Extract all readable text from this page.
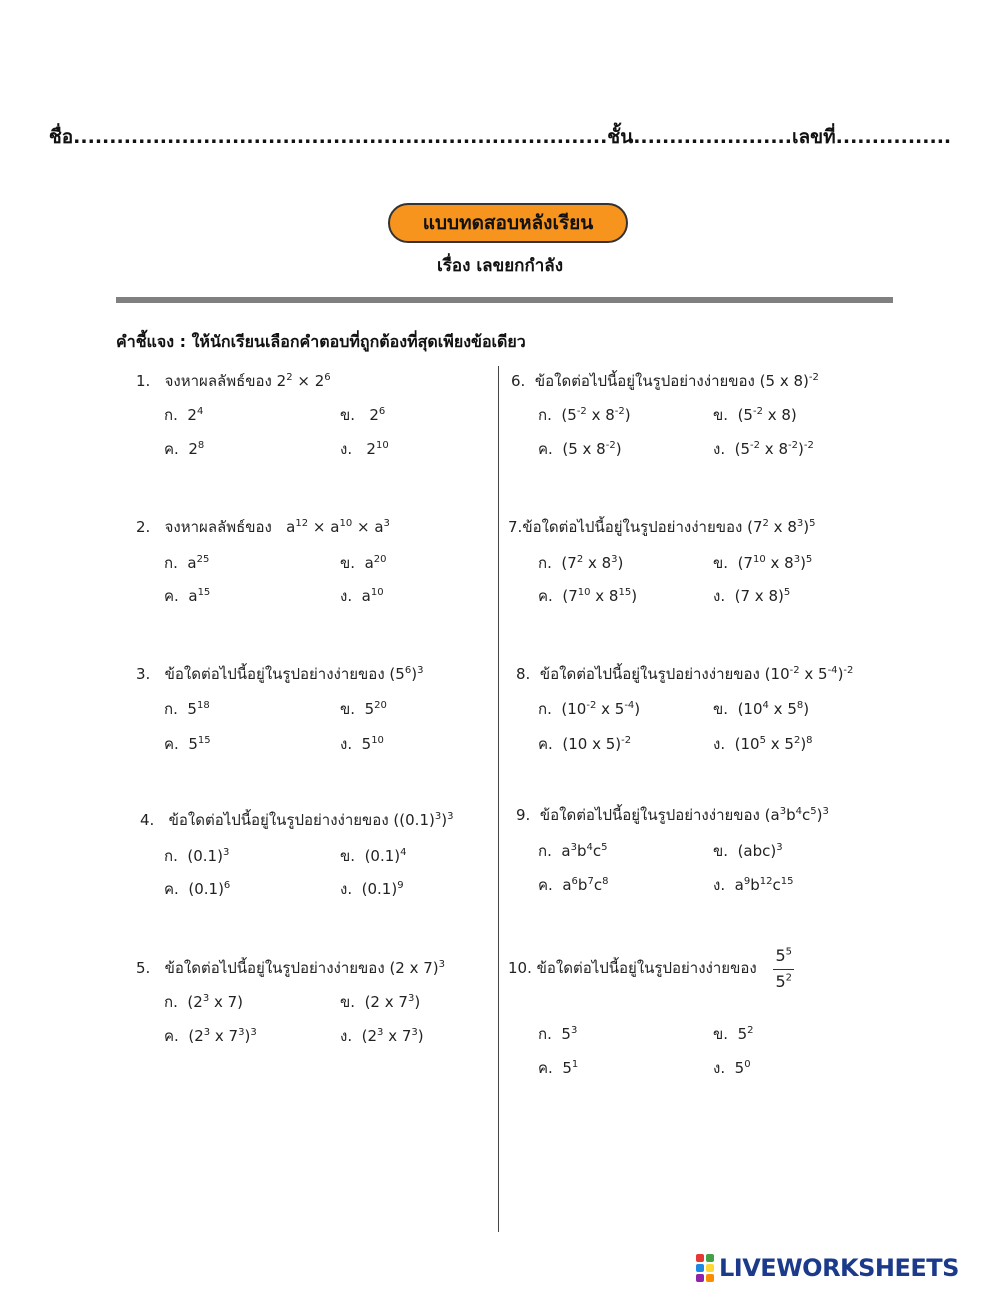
ชื่อ..........................................................................ชั้น......................เลขที่................
แบบทดสอบหลังเรียน
เรื่อง เลขยกกำลัง
คำชี้แจง : ให้นักเรียนเลือกคำตอบที่ถูกต้องที่สุดเพียงข้อเดียว
1. จงหาผลลัพธ์ของ $2^2 \times 2^6$
ก. $2^4$	ข. $2^6$
ค. $2^8$	ง. $2^{10}$
2. จงหาผลลัพธ์ของ $a^{12} \times a^{10} \times a^3$
ก. $a^{25}$	ข. $a^{20}$
ค. $a^{15}$	ง. $a^{10}$
3. ข้อใดต่อไปนี้อยู่ในรูปอย่างง่ายของ $(5^6)^3$
ก. $5^{18}$	ข. $5^{20}$
ค. $5^{15}$	ง. $5^{10}$
4. ข้อใดต่อไปนี้อยู่ในรูปอย่างง่ายของ $((0.1)^3)^3$
ก.  $(0.1)^3$	ข.  $(0.1)^4$
ค.  $(0.1)^6$	ง.  $(0.1)^9$
5. ข้อใดต่อไปนี้อยู่ในรูปอย่างง่ายของ (2 x 7)$^3$
ก. ($2^3$ x 7)	ข. (2 x $7^3$)
ค. ($2^3$ x $7^3)^3$	ง. ($2^3$ x $7^3$)
6. ข้อใดต่อไปนี้อยู่ในรูปอย่างง่ายของ (5 x 8)$^{-2}$
ก. ($5^{-2}$ x $8^{-2}$)	ข. ($5^{-2}$ x 8)
ค. (5 x $8^{-2}$)	ง. ($5^{-2}$ x $8^{-2})^{-2}$
7.ข้อใดต่อไปนี้อยู่ในรูปอย่างง่ายของ ($7^2$ x $8^3)^5$
ก. ($7^2$ x $8^3$)	ข. ($7^{10}$ x $8^3)^5$
ค. ($7^{10}$ x $8^{15}$)	ง. (7 x 8)$^5$
8. ข้อใดต่อไปนี้อยู่ในรูปอย่างง่ายของ ($10^{-2}$ x $5^{-4})^{-2}$
ก. ($10^{-2}$ x $5^{-4}$)	ข. ($10^4$ x $5^8$)
ค. (10 x 5)$^{-2}$	ง. ($10^5$ x $5^2)^8$
9. ข้อใดต่อไปนี้อยู่ในรูปอย่างง่ายของ $(a^3b^4c^5)^3$
ก.  $a^3b^4c^5$	ข. (abc)$^3$
ค.  $a^6b^7c^8$	ง.  $a^9b^{12}c^{15}$
10. ข้อใดต่อไปนี้อยู่ในรูปอย่างง่ายของ $\frac{5^5}{5^2}$
ก. $5^3$	ข. $5^2$
ค. $5^1$	ง. $5^0$
LIVEWORKSHEETS
